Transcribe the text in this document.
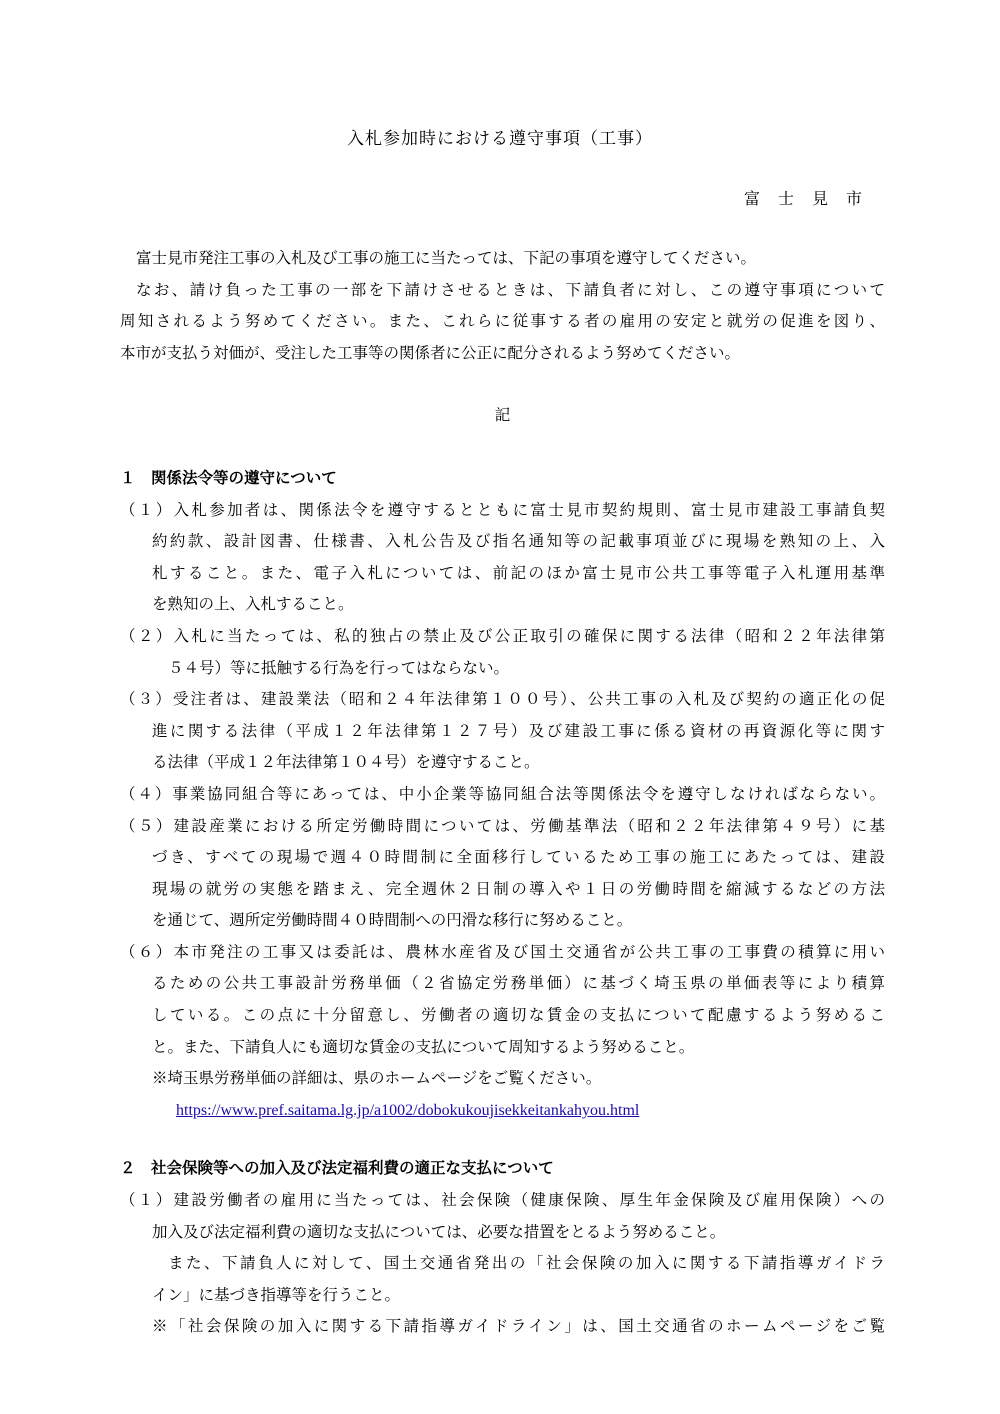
入札参加時における遵守事項（工事）
富士見市
富士見市発注工事の入札及び工事の施工に当たっては、下記の事項を遵守してください。
なお、請け負った工事の一部を下請けさせるときは、下請負者に対し、この遵守事項について
周知されるよう努めてください。また、これらに従事する者の雇用の安定と就労の促進を図り、
本市が支払う対価が、受注した工事等の関係者に公正に配分されるよう努めてください。
記
１　関係法令等の遵守について
（１）入札参加者は、関係法令を遵守するとともに富士見市契約規則、富士見市建設工事請負契
約約款、設計図書、仕様書、入札公告及び指名通知等の記載事項並びに現場を熟知の上、入
札すること。また、電子入札については、前記のほか富士見市公共工事等電子入札運用基準
を熟知の上、入札すること。
（２）入札に当たっては、私的独占の禁止及び公正取引の確保に関する法律（昭和２２年法律第
５４号）等に抵触する行為を行ってはならない。
（３）受注者は、建設業法（昭和２４年法律第１００号）、公共工事の入札及び契約の適正化の促
進に関する法律（平成１２年法律第１２７号）及び建設工事に係る資材の再資源化等に関す
る法律（平成１２年法律第１０４号）を遵守すること。
（４）事業協同組合等にあっては、中小企業等協同組合法等関係法令を遵守しなければならない。
（５）建設産業における所定労働時間については、労働基準法（昭和２２年法律第４９号）に基
づき、すべての現場で週４０時間制に全面移行しているため工事の施工にあたっては、建設
現場の就労の実態を踏まえ、完全週休２日制の導入や１日の労働時間を縮減するなどの方法
を通じて、週所定労働時間４０時間制への円滑な移行に努めること。
（６）本市発注の工事又は委託は、農林水産省及び国土交通省が公共工事の工事費の積算に用い
るための公共工事設計労務単価（２省協定労務単価）に基づく埼玉県の単価表等により積算
している。この点に十分留意し、労働者の適切な賃金の支払について配慮するよう努めるこ
と。また、下請負人にも適切な賃金の支払について周知するよう努めること。
※埼玉県労務単価の詳細は、県のホームページをご覧ください。
https://www.pref.saitama.lg.jp/a1002/dobokukoujisekkeitankahyou.html
２　社会保険等への加入及び法定福利費の適正な支払について
（１）建設労働者の雇用に当たっては、社会保険（健康保険、厚生年金保険及び雇用保険）への
加入及び法定福利費の適切な支払については、必要な措置をとるよう努めること。
また、下請負人に対して、国土交通省発出の「社会保険の加入に関する下請指導ガイドラ
イン」に基づき指導等を行うこと。
※「社会保険の加入に関する下請指導ガイドライン」は、国土交通省のホームページをご覧
